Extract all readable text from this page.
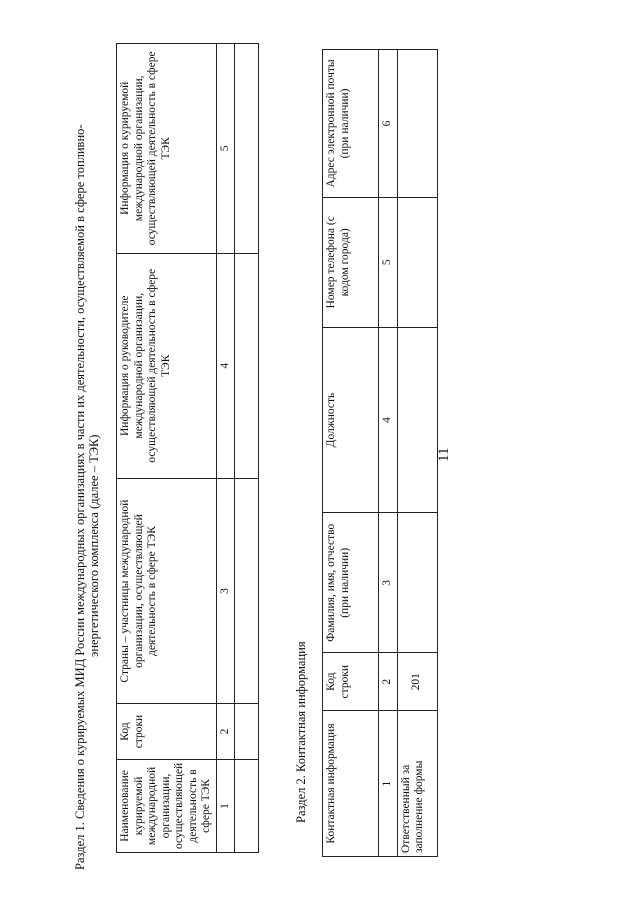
11
Раздел 1. Сведения о курируемых МИД России международных организациях в части их деятельности, осуществляемой в сфере топливно- энергетического комплекса (далее – ТЭК)
Наименование курируемой международной организации, осуществляющей деятельность в сфере ТЭК	Код строки	Страны – участницы международной организации, осуществляющей деятельность в сфере ТЭК	Информация о руководителе международной организации, осуществляющей деятельность в сфере ТЭК	Информация о курируемой международной организации, осуществляющей деятельность в сфере ТЭК
1	2	3	4	5

Раздел 2. Контактная информация Контактная информация	Код строки	Фамилия, имя, отчество (при наличии)	Должность	Номер телефона (с кодом города)	Адрес электронной почты (при наличии)
1	2	3	4	5	6
Ответственный за заполнение формы	201				
